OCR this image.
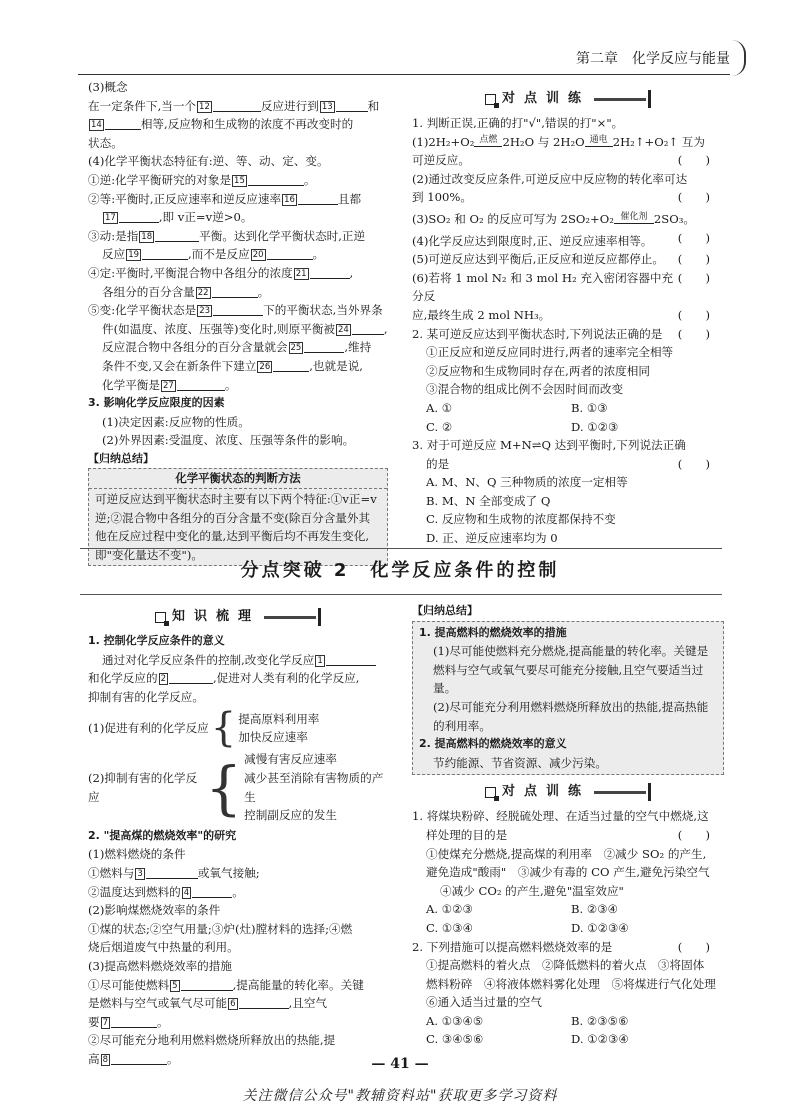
第二章　化学反应与能量

(3)概念

在一定条件下,当一个 12	反应进行到 13	和

14	相等,反应物和生成物的浓度不再改变时的

状态。

(4)化学平衡状态特征有:逆、等、动、定、变。

①逆:化学平衡研究的对象是 15	。

②等:平衡时,正反应速率和逆反应速率 16	且都

17	,即 v正=v逆>0。

③动:是指 18	平衡。达到化学平衡状态时,正逆

反应 19	,而不是反应 20	。

④定:平衡时,平衡混合物中各组分的浓度 21	,

各组分的百分含量 22	。

⑤变:化学平衡状态是 23	下的平衡状态,当外界条

件(如温度、浓度、压强等)变化时,则原平衡被 24	,

反应混合物中各组分的百分含量就会 25	,维持

条件不变,又会在新条件下建立 26	,也就是说,

化学平衡是 27	。

3. 影响化学反应限度的因素

(1)决定因素:反应物的性质。

(2)外界因素:受温度、浓度、压强等条件的影响。

【归纳总结】

化学平衡状态的判断方法
可逆反应达到平衡状态时主要有以下两个特征:①v正=v逆;②混合物中各组分的百分含量不变(除百分含量外其他在反应过程中变化的量,达到平衡后均不再发生变化,即"变化量达不变")。
对点训练

1. 判断正误,正确的打"√",错误的打"×"。

(1)2H₂+O₂ 点燃 2H₂O 与 2H₂O 通电 2H₂↑+O₂↑ 互为

可逆反应。	(　　)

(2)通过改变反应条件,可逆反应中反应物的转化率可达

到 100%。	(　　)

(3)SO₂ 和 O₂ 的反应可写为 2SO₂+O₂ 催化剂 2SO₃。
(　　)

(4)化学反应达到限度时,正、逆反应速率相等。
(　　)

(5)可逆反应达到平衡后,正反应和逆反应都停止。
(　　)

(6)若将 1 mol N₂ 和 3 mol H₂ 充入密闭容器中充分反

应,最终生成 2 mol NH₃。	(　　)

2. 某可逆反应达到平衡状态时,下列说法正确的是 (　　)

①正反应和逆反应同时进行,两者的速率完全相等

②反应物和生成物同时存在,两者的浓度相同

③混合物的组成比例不会因时间而改变

A. ①	B. ①③
C. ②	D. ①②③

3. 对于可逆反应 M+N⇌Q 达到平衡时,下列说法正确

的是	(　　)

A. M、N、Q 三种物质的浓度一定相等

B. M、N 全部变成了 Q

C. 反应物和生成物的浓度都保持不变

D. 正、逆反应速率均为 0

分点突破 2　化学反应条件的控制
知识梳理

1. 控制化学反应条件的意义

通过对化学反应条件的控制,改变化学反应 1

和化学反应的 2	,促进对人类有利的化学反应,

抑制有害的化学反应。

(1)促进有利的化学反应 { 提高原料利用率
加快反应速率
(2)抑制有害的化学反应	{ 减慢有害反应速率
减少甚至消除有害物质的产生
控制副反应的发生

2. "提高煤的燃烧效率"的研究

(1)燃料燃烧的条件

①燃料与 3	或氧气接触;

②温度达到燃料的 4	。

(2)影响煤燃烧效率的条件

①煤的状态;②空气用量;③炉(灶)膛材料的选择;④燃

烧后烟道废气中热量的利用。

(3)提高燃料燃烧效率的措施

①尽可能使燃料 5	,提高能量的转化率。关键

是燃料与空气或氧气尽可能 6	,且空气

要 7	。

②尽可能充分地利用燃料燃烧所释放出的热能,提

高 8	。

【归纳总结】

1. 提高燃料的燃烧效率的措施

(1)尽可能使燃料充分燃烧,提高能量的转化率。关键是燃料与空气或氧气要尽可能充分接触,且空气要适当过量。

(2)尽可能充分利用燃料燃烧所释放出的热能,提高热能的利用率。

2. 提高燃料的燃烧效率的意义

节约能源、节省资源、减少污染。

对点训练

1. 将煤块粉碎、经脱硫处理、在适当过量的空气中燃烧,这

样处理的目的是	(　　)

①使煤充分燃烧,提高煤的利用率　②减少 SO₂ 的产生,

避免造成"酸雨"　③减少有毒的 CO 产生,避免污染空气

④减少 CO₂ 的产生,避免"温室效应"

A. ①②③	B. ②③④
C. ①③④	D. ①②③④

2. 下列措施可以提高燃料燃烧效率的是	(　　)

①提高燃料的着火点　②降低燃料的着火点　③将固体

燃料粉碎　④将液体燃料雾化处理　⑤将煤进行气化处理

⑥通入适当过量的空气

A. ①③④⑤	B. ②③⑤⑥
C. ③④⑤⑥	D. ①②③④
— 41 —
关注微信公众号"教辅资料站"获取更多学习资料
